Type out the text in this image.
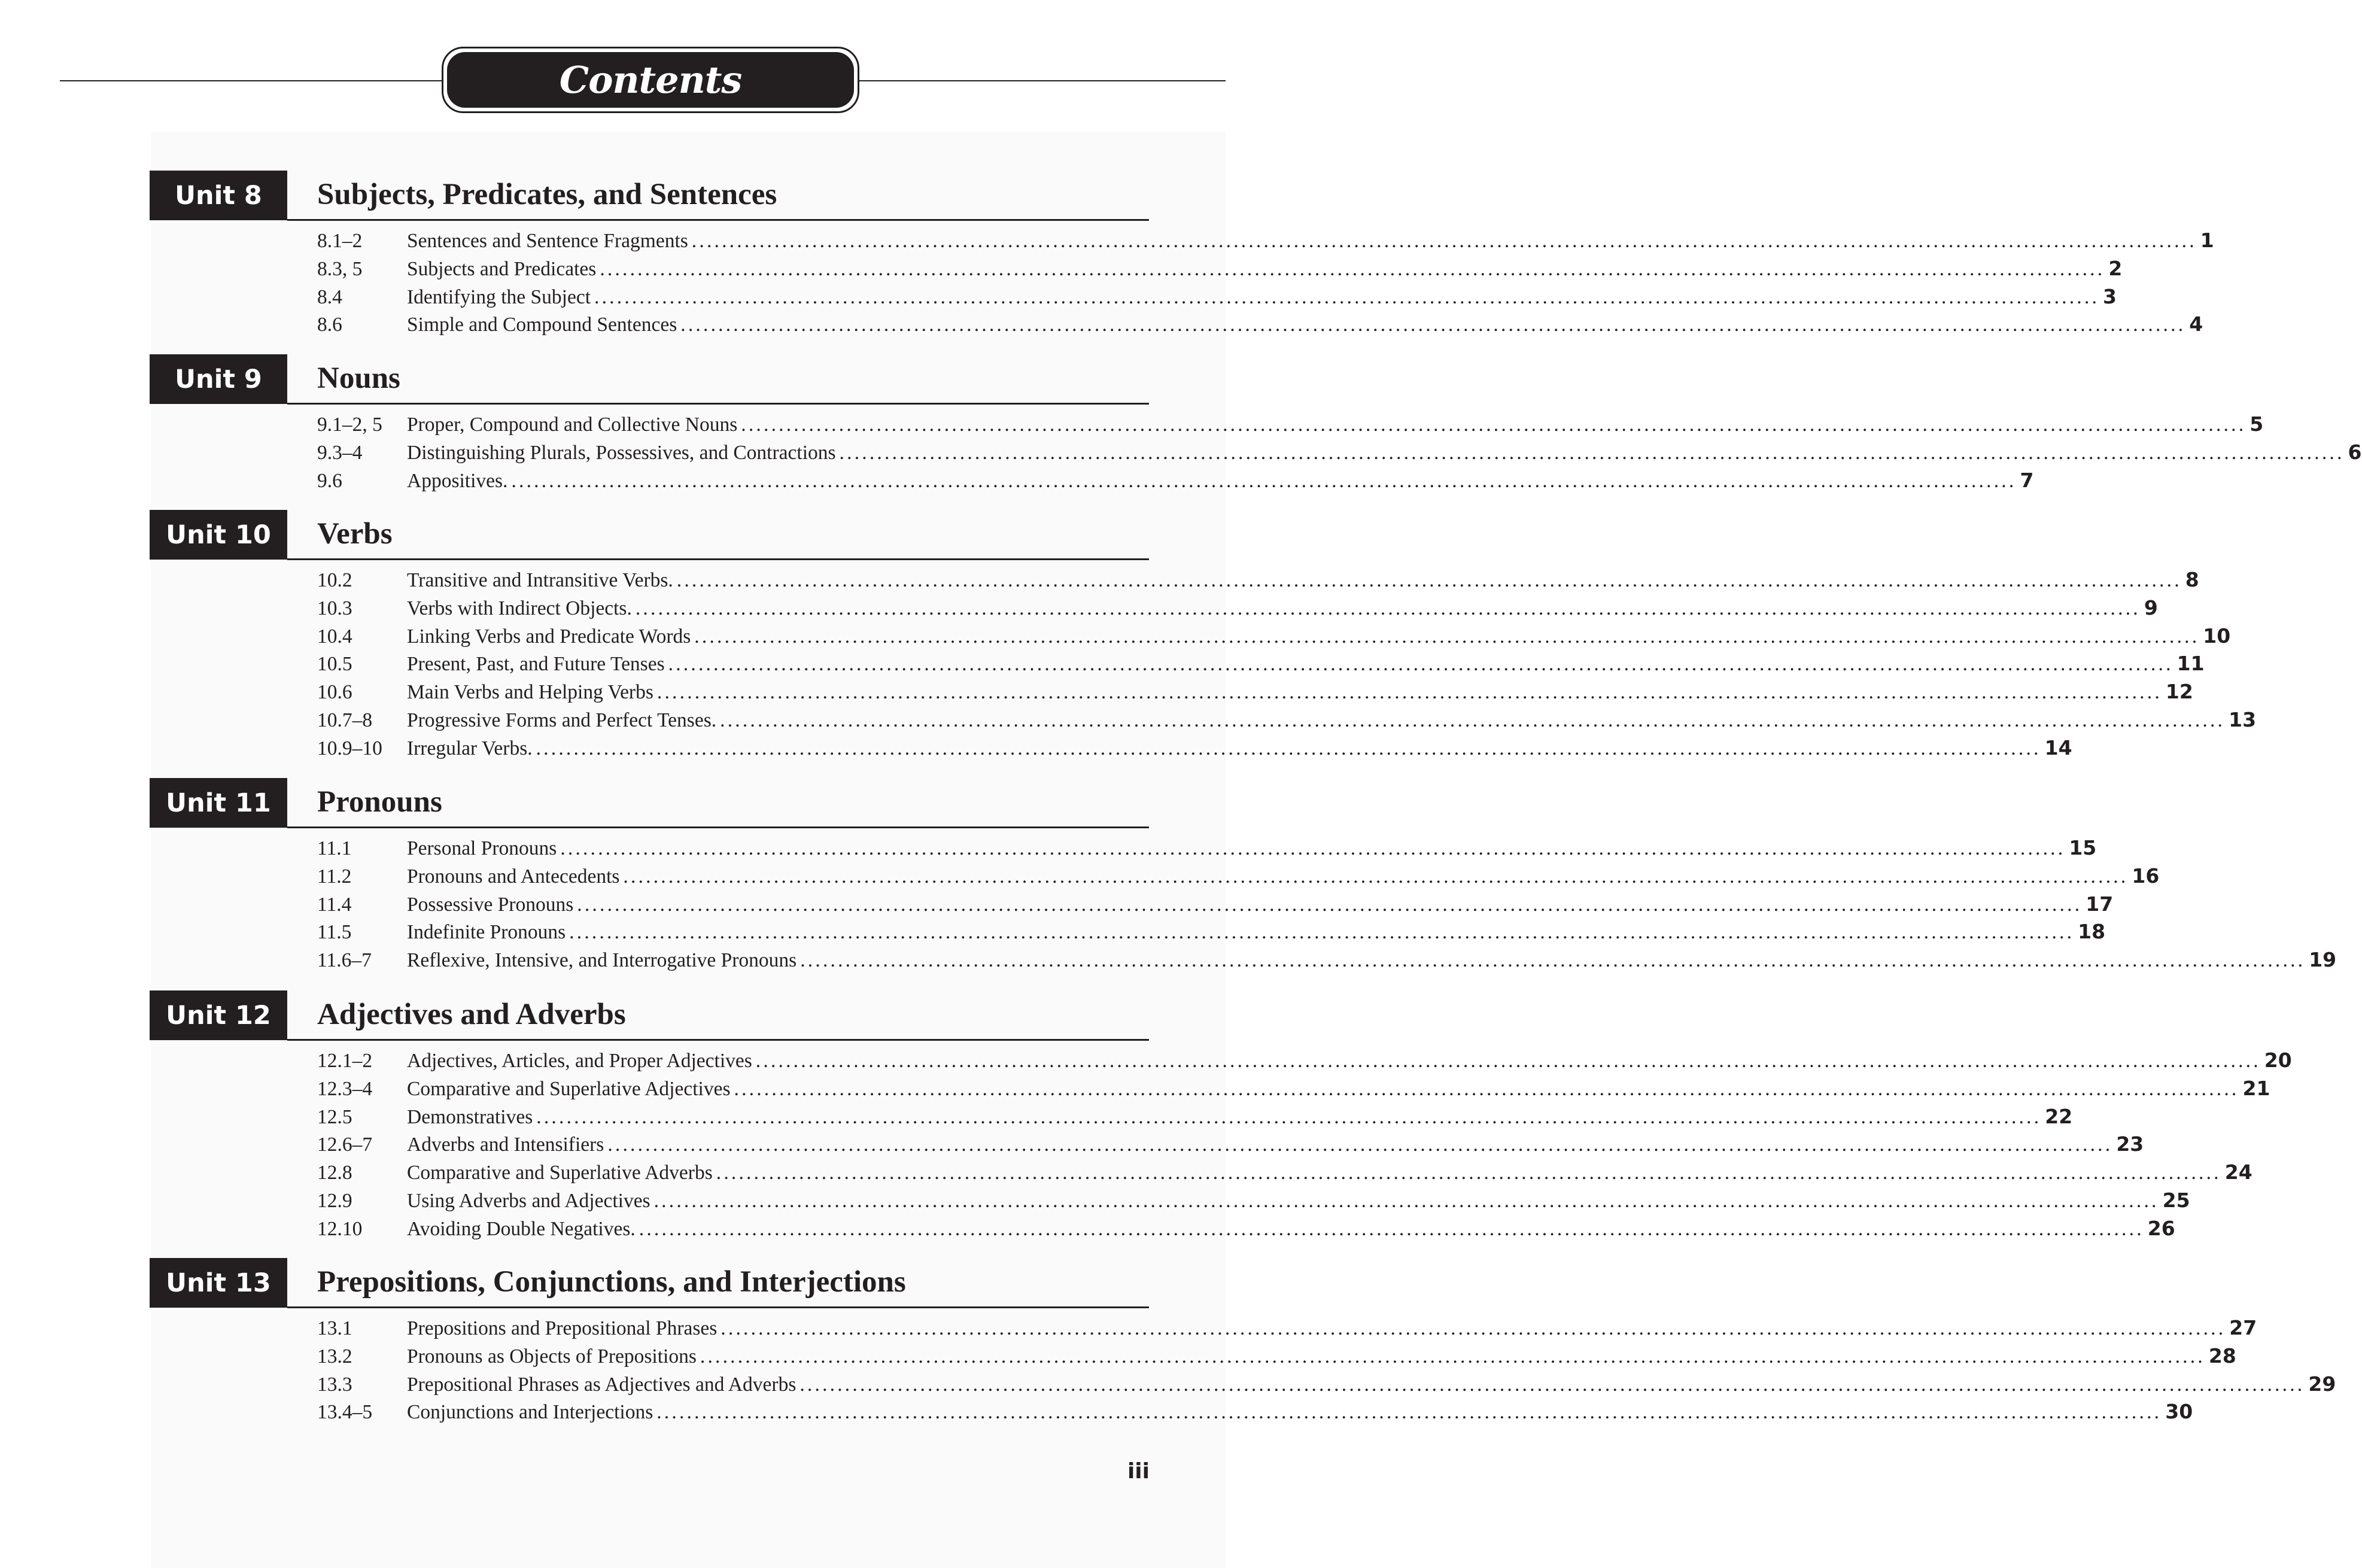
Contents
Unit 8	Subjects, Predicates, and Sentences
8.1–2	Sentences and Sentence Fragments ........................................................................................................................................................................................................ 1
8.3, 5	Subjects and Predicates ........................................................................................................................................................................................................ 2
8.4	Identifying the Subject ........................................................................................................................................................................................................ 3
8.6	Simple and Compound Sentences ........................................................................................................................................................................................................ 4
Unit 9	Nouns
9.1–2, 5	Proper, Compound and Collective Nouns ........................................................................................................................................................................................................ 5
9.3–4	Distinguishing Plurals, Possessives, and Contractions ........................................................................................................................................................................................................ 6
9.6	Appositives. ........................................................................................................................................................................................................ 7
Unit 10	Verbs
10.2	Transitive and Intransitive Verbs. ........................................................................................................................................................................................................ 8
10.3	Verbs with Indirect Objects. ........................................................................................................................................................................................................ 9
10.4	Linking Verbs and Predicate Words ........................................................................................................................................................................................................ 10
10.5	Present, Past, and Future Tenses ........................................................................................................................................................................................................ 11
10.6	Main Verbs and Helping Verbs ........................................................................................................................................................................................................ 12
10.7–8	Progressive Forms and Perfect Tenses. ........................................................................................................................................................................................................ 13
10.9–10	Irregular Verbs. ........................................................................................................................................................................................................ 14
Unit 11	Pronouns
11.1	Personal Pronouns ........................................................................................................................................................................................................ 15
11.2	Pronouns and Antecedents ........................................................................................................................................................................................................ 16
11.4	Possessive Pronouns ........................................................................................................................................................................................................ 17
11.5	Indefinite Pronouns ........................................................................................................................................................................................................ 18
11.6–7	Reflexive, Intensive, and Interrogative Pronouns ........................................................................................................................................................................................................ 19
Unit 12	Adjectives and Adverbs
12.1–2	Adjectives, Articles, and Proper Adjectives ........................................................................................................................................................................................................ 20
12.3–4	Comparative and Superlative Adjectives ........................................................................................................................................................................................................ 21
12.5	Demonstratives ........................................................................................................................................................................................................ 22
12.6–7	Adverbs and Intensifiers ........................................................................................................................................................................................................ 23
12.8	Comparative and Superlative Adverbs ........................................................................................................................................................................................................ 24
12.9	Using Adverbs and Adjectives ........................................................................................................................................................................................................ 25
12.10	Avoiding Double Negatives. ........................................................................................................................................................................................................ 26
Unit 13	Prepositions, Conjunctions, and Interjections
13.1	Prepositions and Prepositional Phrases ........................................................................................................................................................................................................ 27
13.2	Pronouns as Objects of Prepositions ........................................................................................................................................................................................................ 28
13.3	Prepositional Phrases as Adjectives and Adverbs ........................................................................................................................................................................................................ 29
13.4–5	Conjunctions and Interjections ........................................................................................................................................................................................................ 30
iii
